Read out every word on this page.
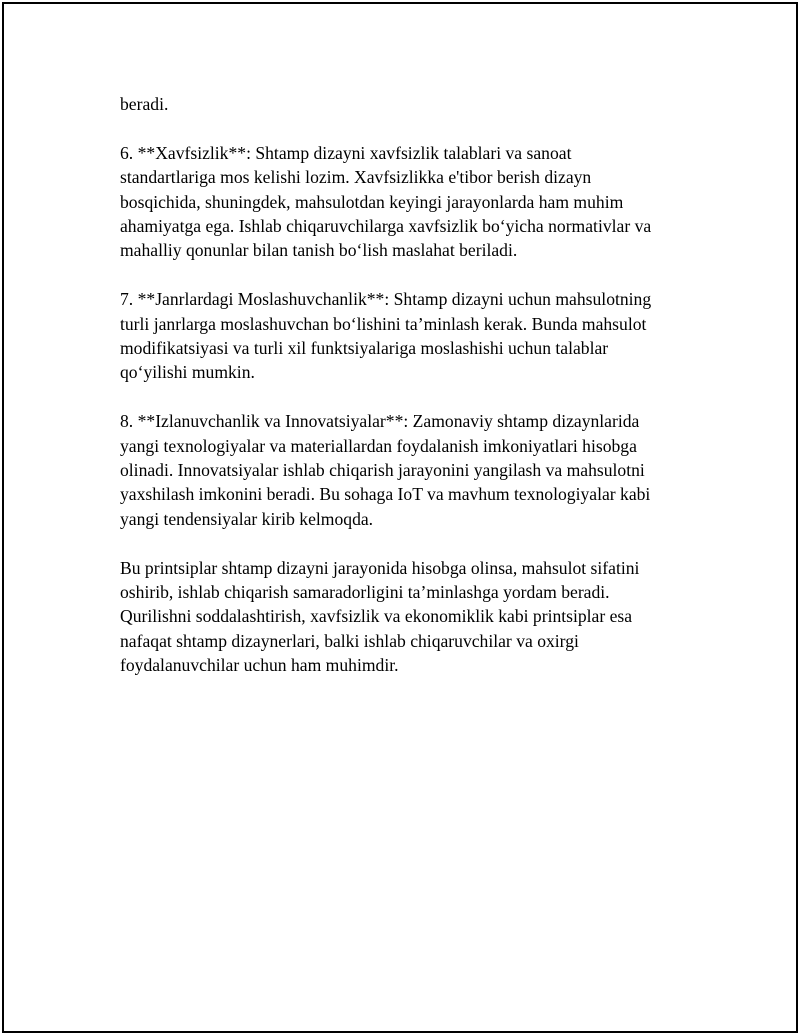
beradi.

6. **Xavfsizlik**: Shtamp dizayni xavfsizlik talablari va sanoat
standartlariga mos kelishi lozim. Xavfsizlikka e'tibor berish dizayn
bosqichida, shuningdek, mahsulotdan keyingi jarayonlarda ham muhim
ahamiyatga ega. Ishlab chiqaruvchilarga xavfsizlik bo‘yicha normativlar va
mahalliy qonunlar bilan tanish bo‘lish maslahat beriladi.

7. **Janrlardagi Moslashuvchanlik**: Shtamp dizayni uchun mahsulotning
turli janrlarga moslashuvchan bo‘lishini ta’minlash kerak. Bunda mahsulot
modifikatsiyasi va turli xil funktsiyalariga moslashishi uchun talablar
qo‘yilishi mumkin.

8. **Izlanuvchanlik va Innovatsiyalar**: Zamonaviy shtamp dizaynlarida
yangi texnologiyalar va materiallardan foydalanish imkoniyatlari hisobga
olinadi. Innovatsiyalar ishlab chiqarish jarayonini yangilash va mahsulotni
yaxshilash imkonini beradi. Bu sohaga IoT va mavhum texnologiyalar kabi
yangi tendensiyalar kirib kelmoqda.

Bu printsiplar shtamp dizayni jarayonida hisobga olinsa, mahsulot sifatini
oshirib, ishlab chiqarish samaradorligini ta’minlashga yordam beradi.
Qurilishni soddalashtirish, xavfsizlik va ekonomiklik kabi printsiplar esa
nafaqat shtamp dizaynerlari, balki ishlab chiqaruvchilar va oxirgi
foydalanuvchilar uchun ham muhimdir.
